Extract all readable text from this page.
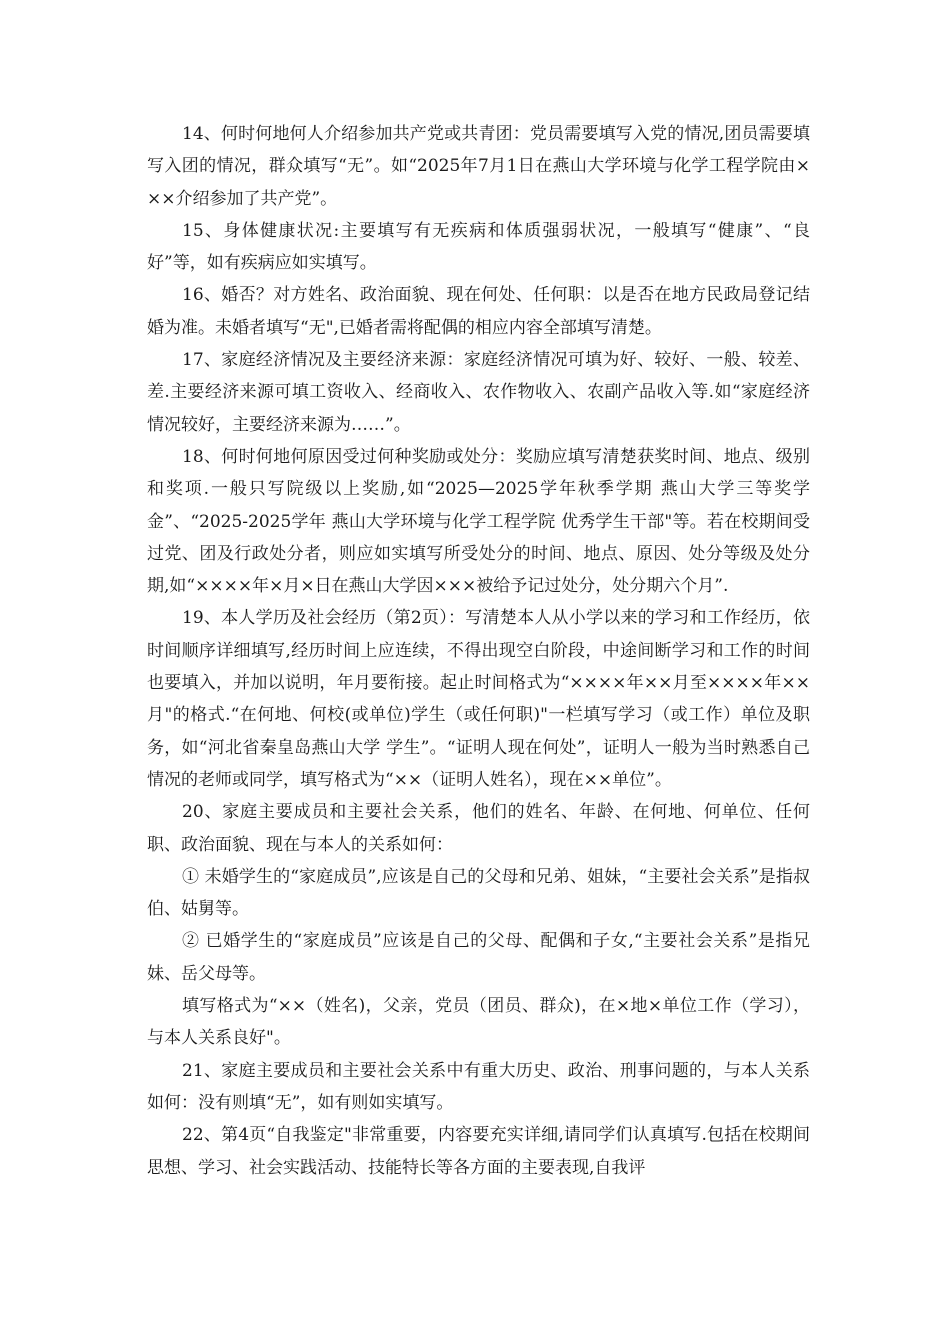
14、何时何地何人介绍参加共产党或共青团：党员需要填写入党的情况,团员需要填写入团的情况，群众填写“无”。如“2025年7月1日在燕山大学环境与化学工程学院由×××介绍参加了共产党”。

15、身体健康状况:主要填写有无疾病和体质强弱状况，一般填写“健康”、“良好”等，如有疾病应如实填写。

16、婚否？对方姓名、政治面貌、现在何处、任何职：以是否在地方民政局登记结婚为准。未婚者填写“无",已婚者需将配偶的相应内容全部填写清楚。

17、家庭经济情况及主要经济来源：家庭经济情况可填为好、较好、一般、较差、差.主要经济来源可填工资收入、经商收入、农作物收入、农副产品收入等.如“家庭经济情况较好，主要经济来源为……”。

18、何时何地何原因受过何种奖励或处分：奖励应填写清楚获奖时间、地点、级别和奖项.一般只写院级以上奖励,如“2025—2025学年秋季学期 燕山大学三等奖学金”、“2025-2025学年 燕山大学环境与化学工程学院 优秀学生干部"等。若在校期间受过党、团及行政处分者，则应如实填写所受处分的时间、地点、原因、处分等级及处分期,如“××××年×月×日在燕山大学因×××被给予记过处分，处分期六个月”.

19、本人学历及社会经历（第2页）：写清楚本人从小学以来的学习和工作经历，依时间顺序详细填写,经历时间上应连续，不得出现空白阶段，中途间断学习和工作的时间也要填入，并加以说明，年月要衔接。起止时间格式为“××××年××月至××××年××月"的格式.“在何地、何校(或单位)学生（或任何职)"一栏填写学习（或工作）单位及职务，如“河北省秦皇岛燕山大学 学生”。“证明人现在何处”，证明人一般为当时熟悉自己情况的老师或同学，填写格式为“××（证明人姓名），现在××单位”。

20、家庭主要成员和主要社会关系，他们的姓名、年龄、在何地、何单位、任何职、政治面貌、现在与本人的关系如何：

① 未婚学生的“家庭成员”,应该是自己的父母和兄弟、姐妹，“主要社会关系”是指叔伯、姑舅等。

② 已婚学生的“家庭成员”应该是自己的父母、配偶和子女,“主要社会关系”是指兄妹、岳父母等。

填写格式为“××（姓名)，父亲，党员（团员、群众)，在×地×单位工作（学习），与本人关系良好"。

21、家庭主要成员和主要社会关系中有重大历史、政治、刑事问题的，与本人关系如何：没有则填“无”，如有则如实填写。

22、第4页“自我鉴定"非常重要，内容要充实详细,请同学们认真填写.包括在校期间思想、学习、社会实践活动、技能特长等各方面的主要表现,自我评
